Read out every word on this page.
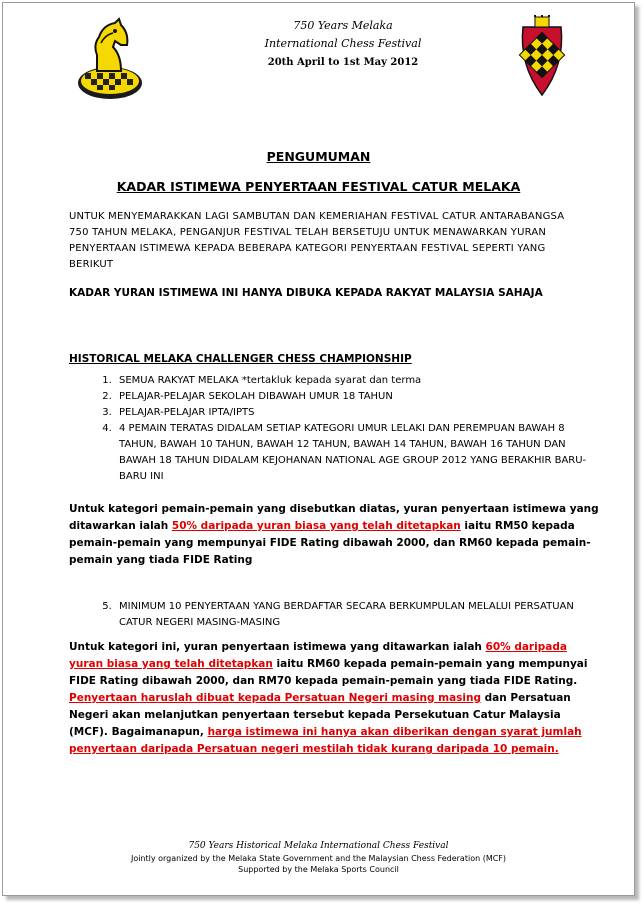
750 Years Melaka
International Chess Festival
20th April to 1st May 2012
PENGUMUMAN
KADAR ISTIMEWA PENYERTAAN FESTIVAL CATUR MELAKA
UNTUK MENYEMARAKKAN LAGI SAMBUTAN DAN KEMERIAHAN FESTIVAL CATUR ANTARABANGSA 750 TAHUN MELAKA, PENGANJUR FESTIVAL TELAH BERSETUJU UNTUK MENAWARKAN YURAN PENYERTAAN ISTIMEWA KEPADA BEBERAPA KATEGORI PENYERTAAN FESTIVAL SEPERTI YANG BERIKUT
KADAR YURAN ISTIMEWA INI HANYA DIBUKA KEPADA RAKYAT MALAYSIA SAHAJA
HISTORICAL MELAKA CHALLENGER CHESS CHAMPIONSHIP
1. SEMUA RAKYAT MELAKA *tertakluk kepada syarat dan terma
2. PELAJAR-PELAJAR SEKOLAH DIBAWAH UMUR 18 TAHUN
3. PELAJAR-PELAJAR IPTA/IPTS
4. 4 PEMAIN TERATAS DIDALAM SETIAP KATEGORI UMUR LELAKI DAN PEREMPUAN BAWAH 8 TAHUN, BAWAH 10 TAHUN, BAWAH 12 TAHUN, BAWAH 14 TAHUN, BAWAH 16 TAHUN DAN BAWAH 18 TAHUN DIDALAM KEJOHANAN NATIONAL AGE GROUP 2012 YANG BERAKHIR BARU-BARU INI
Untuk kategori pemain-pemain yang disebutkan diatas, yuran penyertaan istimewa yang ditawarkan ialah 50% daripada yuran biasa yang telah ditetapkan iaitu RM50 kepada pemain-pemain yang mempunyai FIDE Rating dibawah 2000, dan RM60 kepada pemain-pemain yang tiada FIDE Rating
5. MINIMUM 10 PENYERTAAN YANG BERDAFTAR SECARA BERKUMPULAN MELALUI PERSATUAN CATUR NEGERI MASING-MASING
Untuk kategori ini, yuran penyertaan istimewa yang ditawarkan ialah 60% daripada yuran biasa yang telah ditetapkan iaitu RM60 kepada pemain-pemain yang mempunyai FIDE Rating dibawah 2000, dan RM70 kepada pemain-pemain yang tiada FIDE Rating. Penyertaan haruslah dibuat kepada Persatuan Negeri masing masing dan Persatuan Negeri akan melanjutkan penyertaan tersebut kepada Persekutuan Catur Malaysia (MCF). Bagaimanapun, harga istimewa ini hanya akan diberikan dengan syarat jumlah penyertaan daripada Persatuan negeri mestilah tidak kurang daripada 10 pemain.
750 Years Historical Melaka International Chess Festival
Jointly organized by the Melaka State Government and the Malaysian Chess Federation (MCF)
Supported by the Melaka Sports Council
